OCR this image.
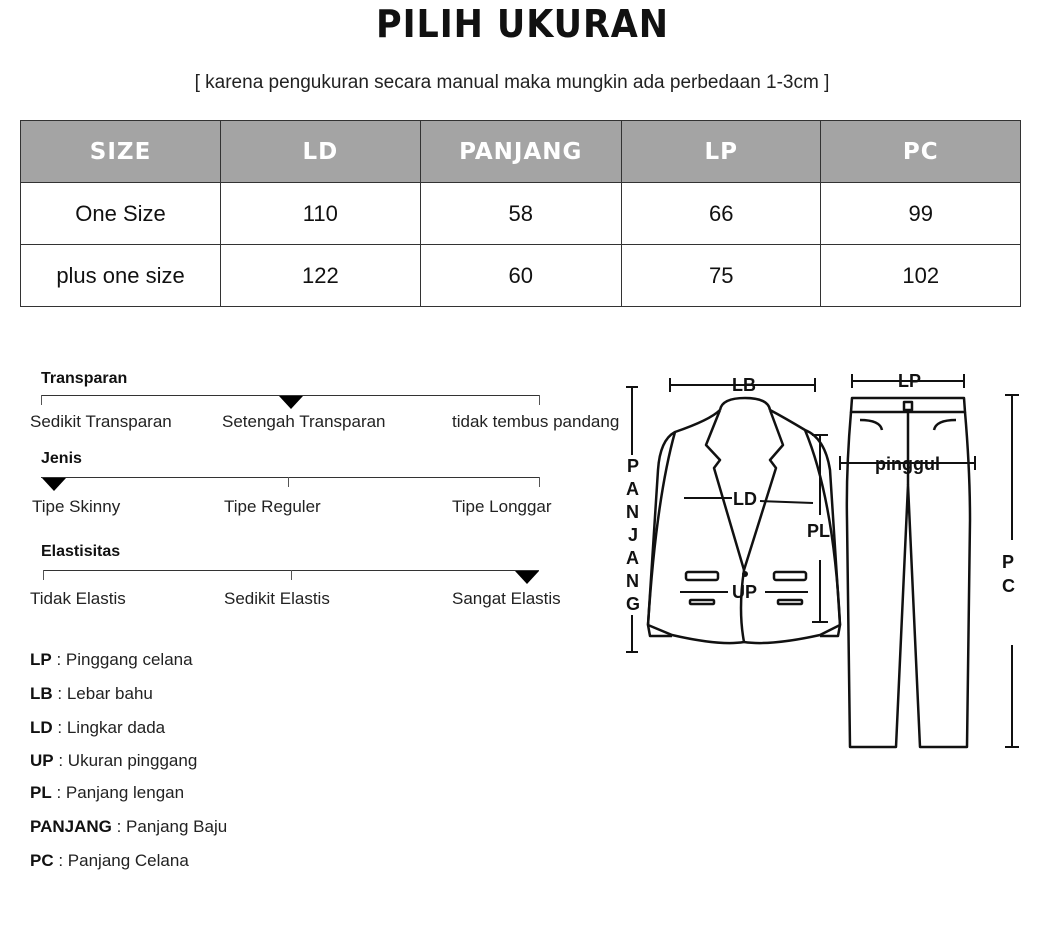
PILIH UKURAN
[ karena pengukuran secara manual maka mungkin ada perbedaan 1-3cm ]
SIZE	LD	PANJANG	LP	PC
One Size	110	58	66	99
plus one size	122	60	75	102
Transparan
Sedikit Transparan	Setengah Transparan	tidak tembus pandang
Jenis
Tipe Skinny	Tipe Reguler	Tipe Longgar
Elastisitas
Tidak Elastis	Sedikit Elastis	Sangat Elastis
LP : Pinggang celana
LB : Lebar bahu
LD : Lingkar dada
UP : Ukuran pinggang
PL : Panjang lengan
PANJANG : Panjang Baju
PC : Panjang Celana
LB	LP
LD
UP
PL
pinggul
P
A
N
J
A
N
G
P
C
